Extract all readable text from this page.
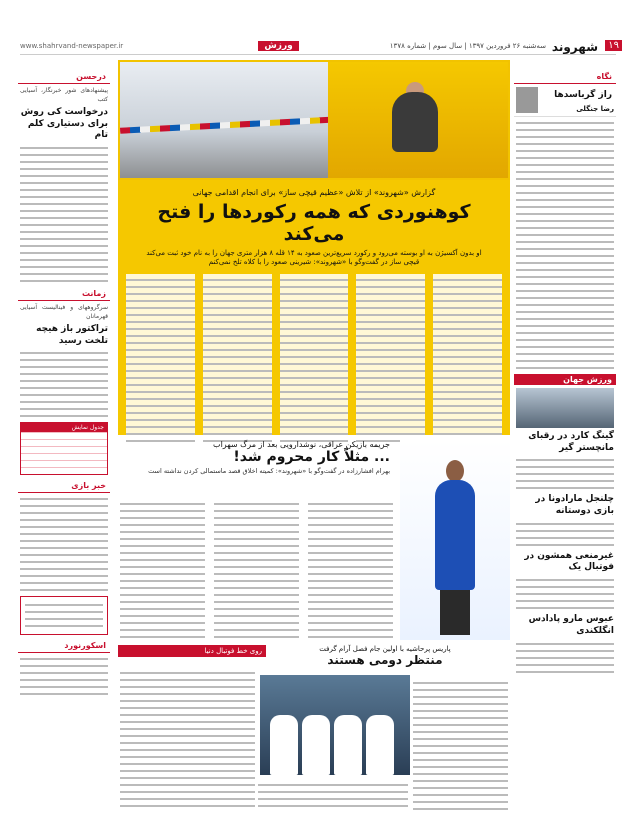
۱۹
شهروند
سه‌شنبه ۲۶ فروردین ۱۳۹۷ | سال سوم | شماره ۱۳۷۸
ورزش
www.shahrvand-newspaper.ir
نگاه
راز گرباسدها
رضا جنگلی
ورزش جهان
گینگ کارد در رقبای مانچستر گیر
چلنجل مارادونا در بازی دوستانه
غیرمنعی همشون در فوتبال یک
عبوس مارو پادادس انگلکندی
درحسن
پیشنهادهای شور خبرنگار، آسیایی کتب
درخواست کی روش برای دستیاری کلم تام
زمانت
سرگروههای و فینالیست آسیایی قهرمانان
تراکتور باز هیچه تلخت رسید
جدول نمایش
خبر بازی
اسکورنورد
گزارش «شهروند» از تلاش «عظیم قیچی ساز» برای انجام اقدامی جهانی
کوهنوردی که همه رکوردها را فتح می‌کند
او بدون آکسیژن به او بوسته می‌رود و رکورد سریع‌ترین صعود به ۱۴ قله ۸ هزار متری جهان را به نام خود ثبت می‌کند
قیچی ساز در گفت‌وگو با «شهروند»: شیرینی صعود را با کلاه تلخ نمی‌کنم
جریمه بازیکن عراقی، نوشدارویی بعد از مرگ سهراب
... مثلاً کار محروم شد!
بهرام افشارزاده در گفت‌وگو با «شهروند»: کمیته اخلاق قصد ماستمالی کردن نداشته است
روی خط فوتبال دنیا	پاریس پرحاشیه با اولین جام فصل آرام گرفت
منتظر دومی هستند
